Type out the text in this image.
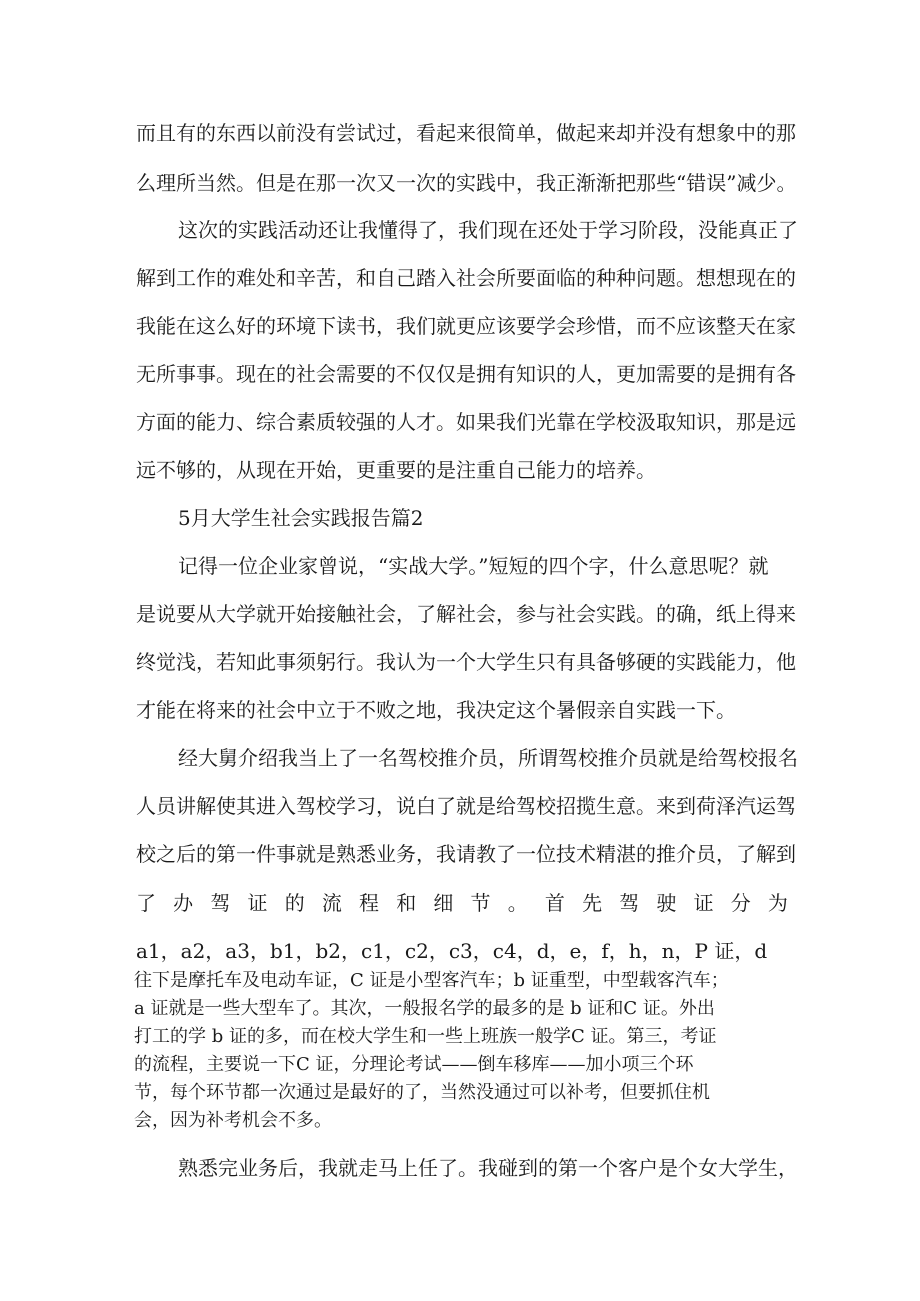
而且有的东西以前没有尝试过，看起来很简单，做起来却并没有想象中的那

么理所当然。但是在那一次又一次的实践中，我正渐渐把那些“错误”减少。

这次的实践活动还让我懂得了，我们现在还处于学习阶段，没能真正了

解到工作的难处和辛苦，和自己踏入社会所要面临的种种问题。想想现在的

我能在这么好的环境下读书，我们就更应该要学会珍惜，而不应该整天在家

无所事事。现在的社会需要的不仅仅是拥有知识的人，更加需要的是拥有各

方面的能力、综合素质较强的人才。如果我们光靠在学校汲取知识，那是远

远不够的，从现在开始，更重要的是注重自己能力的培养。

5月大学生社会实践报告篇2

记得一位企业家曾说，“实战大学。”短短的四个字，什么意思呢？就

是说要从大学就开始接触社会，了解社会，参与社会实践。的确，纸上得来

终觉浅，若知此事须躬行。我认为一个大学生只有具备够硬的实践能力，他

才能在将来的社会中立于不败之地，我决定这个暑假亲自实践一下。

经大舅介绍我当上了一名驾校推介员，所谓驾校推介员就是给驾校报名

人员讲解使其进入驾校学习，说白了就是给驾校招揽生意。来到荷泽汽运驾

校之后的第一件事就是熟悉业务，我请教了一位技术精湛的推介员，了解到

了 办 驾 证 的 流 程 和 细 节 。 首 先 驾 驶 证 分 为

a1，a2，a3，b1，b2，c1，c2，c3，c4，d，e，f，h，n，P 证，d

往下是摩托车及电动车证，C 证是小型客汽车；b 证重型，中型载客汽车；

a 证就是一些大型车了。其次，一般报名学的最多的是 b 证和C 证。外出

打工的学 b 证的多，而在校大学生和一些上班族一般学C 证。第三，考证

的流程，主要说一下C 证，分理论考试——倒车移库——加小项三个环

节，每个环节都一次通过是最好的了，当然没通过可以补考，但要抓住机

会，因为补考机会不多。

熟悉完业务后，我就走马上任了。我碰到的第一个客户是个女大学生，
